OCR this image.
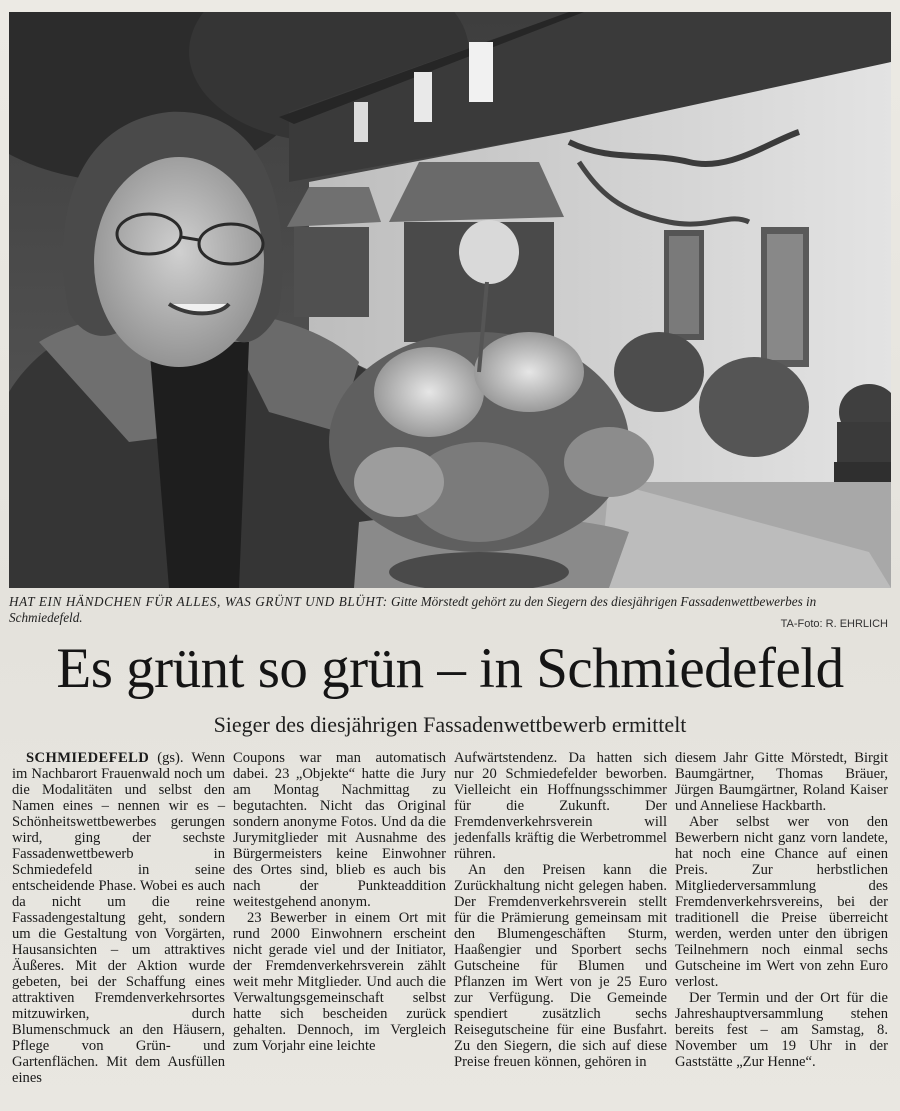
HAT EIN HÄNDCHEN FÜR ALLES, WAS GRÜNT UND BLÜHT: Gitte Mörstedt gehört zu den Siegern des diesjährigen Fassadenwettbewerbes in Schmiedefeld.	TA-Foto: R. EHRLICH
Es grünt so grün – in Schmiedefeld
Sieger des diesjährigen Fassadenwettbewerb ermittelt

SCHMIEDEFELD (gs). Wenn im Nachbarort Frauenwald noch um die Modalitäten und selbst den Namen eines – nennen wir es – Schönheitswettbewerbes gerungen wird, ging der sechste Fassadenwettbewerb in Schmiedefeld in seine entscheidende Phase. Wobei es auch da nicht um die reine Fassadengestaltung geht, sondern um die Gestaltung von Vorgärten, Hausansichten – um attraktives Äußeres. Mit der Aktion wurde gebeten, bei der Schaffung eines attraktiven Fremdenverkehrsortes mitzuwirken, durch Blumenschmuck an den Häusern, Pflege von Grün- und Gartenflächen. Mit dem Ausfüllen eines

Coupons war man automatisch dabei. 23 „Objekte“ hatte die Jury am Montag Nachmittag zu begutachten. Nicht das Original sondern anonyme Fotos. Und da die Jurymitglieder mit Ausnahme des Bürgermeisters keine Einwohner des Ortes sind, blieb es auch bis nach der Punkteaddition weitestgehend anonym.

23 Bewerber in einem Ort mit rund 2000 Einwohnern erscheint nicht gerade viel und der Initiator, der Fremdenverkehrsverein zählt weit mehr Mitglieder. Und auch die Verwaltungsgemeinschaft selbst hatte sich bescheiden zurück gehalten. Dennoch, im Vergleich zum Vorjahr eine leichte

Aufwärtstendenz. Da hatten sich nur 20 Schmiedefelder beworben. Vielleicht ein Hoffnungsschimmer für die Zukunft. Der Fremdenverkehrsverein will jedenfalls kräftig die Werbetrommel rühren.

An den Preisen kann die Zurückhaltung nicht gelegen haben. Der Fremdenverkehrsverein stellt für die Prämierung gemeinsam mit den Blumengeschäften Sturm, Haaßengier und Sporbert sechs Gutscheine für Blumen und Pflanzen im Wert von je 25 Euro zur Verfügung. Die Gemeinde spendiert zusätzlich sechs Reisegutscheine für eine Busfahrt. Zu den Siegern, die sich auf diese Preise freuen können, gehören in

diesem Jahr Gitte Mörstedt, Birgit Baumgärtner, Thomas Bräuer, Jürgen Baumgärtner, Roland Kaiser und Anneliese Hackbarth.

Aber selbst wer von den Bewerbern nicht ganz vorn landete, hat noch eine Chance auf einen Preis. Zur herbstlichen Mitgliederversammlung des Fremdenverkehrsvereins, bei der traditionell die Preise überreicht werden, werden unter den übrigen Teilnehmern noch einmal sechs Gutscheine im Wert von zehn Euro verlost.

Der Termin und der Ort für die Jahreshauptversammlung stehen bereits fest – am Samstag, 8. November um 19 Uhr in der Gaststätte „Zur Henne“.
